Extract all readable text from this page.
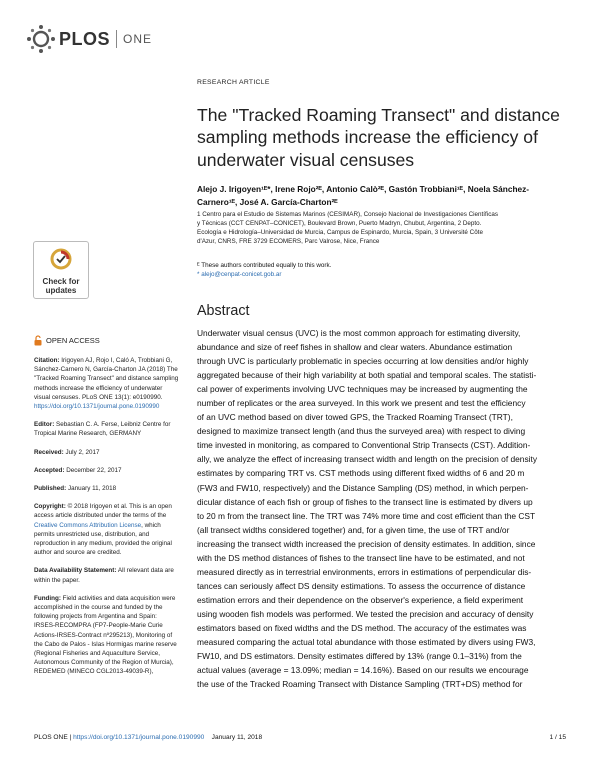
PLOS ONE
Check for
updates
OPEN ACCESS
Citation: Irigoyen AJ, Rojo I, Caló A, Trobbiani G,
Sánchez-Carnero N, García-Charton JA (2018) The
"Tracked Roaming Transect" and distance sampling
methods increase the efficiency of underwater
visual censuses. PLoS ONE 13(1): e0190990.
https://doi.org/10.1371/journal.pone.0190990
Editor: Sebastian C. A. Ferse, Leibniz Centre for
Tropical Marine Research, GERMANY
Received: July 2, 2017
Accepted: December 22, 2017
Published: January 11, 2018
Copyright: © 2018 Irigoyen et al. This is an open
access article distributed under the terms of the
Creative Commons Attribution License, which
permits unrestricted use, distribution, and
reproduction in any medium, provided the original
author and source are credited.
Data Availability Statement: All relevant data are
within the paper.
Funding: Field activities and data acquisition were
accomplished in the course and funded by the
following projects from Argentina and Spain:
IRSES-RECOMPRA (FP7-People-Marie Curie
Actions-IRSES-Contract nº295213), Monitoring of
the Cabo de Palos - Islas Hormigas marine reserve
(Regional Fisheries and Aquaculture Service,
Autonomous Community of the Region of Murcia),
REDEMED (MINECO CGL2013-49039-R),
RESEARCH ARTICLE
The "Tracked Roaming Transect" and distance
sampling methods increase the efficiency of
underwater visual censuses
Alejo J. Irigoyen¹ᴱ*, Irene Rojo²ᴱ, Antonio Calò²ᴱ, Gastón Trobbiani¹ᴱ, Noela Sánchez-
Carnero¹ᴱ, José A. García-Charton²ᴱ
1 Centro para el Estudio de Sistemas Marinos (CESIMAR), Consejo Nacional de Investigaciones Científicas
y Técnicas (CCT CENPAT–CONICET), Boulevard Brown, Puerto Madryn, Chubut, Argentina, 2 Depto.
Ecología e Hidrología–Universidad de Murcia, Campus de Espinardo, Murcia, Spain, 3 Université Côte
d'Azur, CNRS, FRE 3729 ECOMERS, Parc Valrose, Nice, France
ᴱ These authors contributed equally to this work.
* alejo@cenpat-conicet.gob.ar
Abstract
Underwater visual census (UVC) is the most common approach for estimating diversity,
abundance and size of reef fishes in shallow and clear waters. Abundance estimation
through UVC is particularly problematic in species occurring at low densities and/or highly
aggregated because of their high variability at both spatial and temporal scales. The statisti-
cal power of experiments involving UVC techniques may be increased by augmenting the
number of replicates or the area surveyed. In this work we present and test the efficiency
of an UVC method based on diver towed GPS, the Tracked Roaming Transect (TRT),
designed to maximize transect length (and thus the surveyed area) with respect to diving
time invested in monitoring, as compared to Conventional Strip Transects (CST). Addition-
ally, we analyze the effect of increasing transect width and length on the precision of density
estimates by comparing TRT vs. CST methods using different fixed widths of 6 and 20 m
(FW3 and FW10, respectively) and the Distance Sampling (DS) method, in which perpen-
dicular distance of each fish or group of fishes to the transect line is estimated by divers up
to 20 m from the transect line. The TRT was 74% more time and cost efficient than the CST
(all transect widths considered together) and, for a given time, the use of TRT and/or
increasing the transect width increased the precision of density estimates. In addition, since
with the DS method distances of fishes to the transect line have to be estimated, and not
measured directly as in terrestrial environments, errors in estimations of perpendicular dis-
tances can seriously affect DS density estimations. To assess the occurrence of distance
estimation errors and their dependence on the observer's experience, a field experiment
using wooden fish models was performed. We tested the precision and accuracy of density
estimators based on fixed widths and the DS method. The accuracy of the estimates was
measured comparing the actual total abundance with those estimated by divers using FW3,
FW10, and DS estimators. Density estimates differed by 13% (range 0.1–31%) from the
actual values (average = 13.09%; median = 14.16%). Based on our results we encourage
the use of the Tracked Roaming Transect with Distance Sampling (TRT+DS) method for
PLOS ONE | https://doi.org/10.1371/journal.pone.0190990 January 11, 2018	1 / 15
